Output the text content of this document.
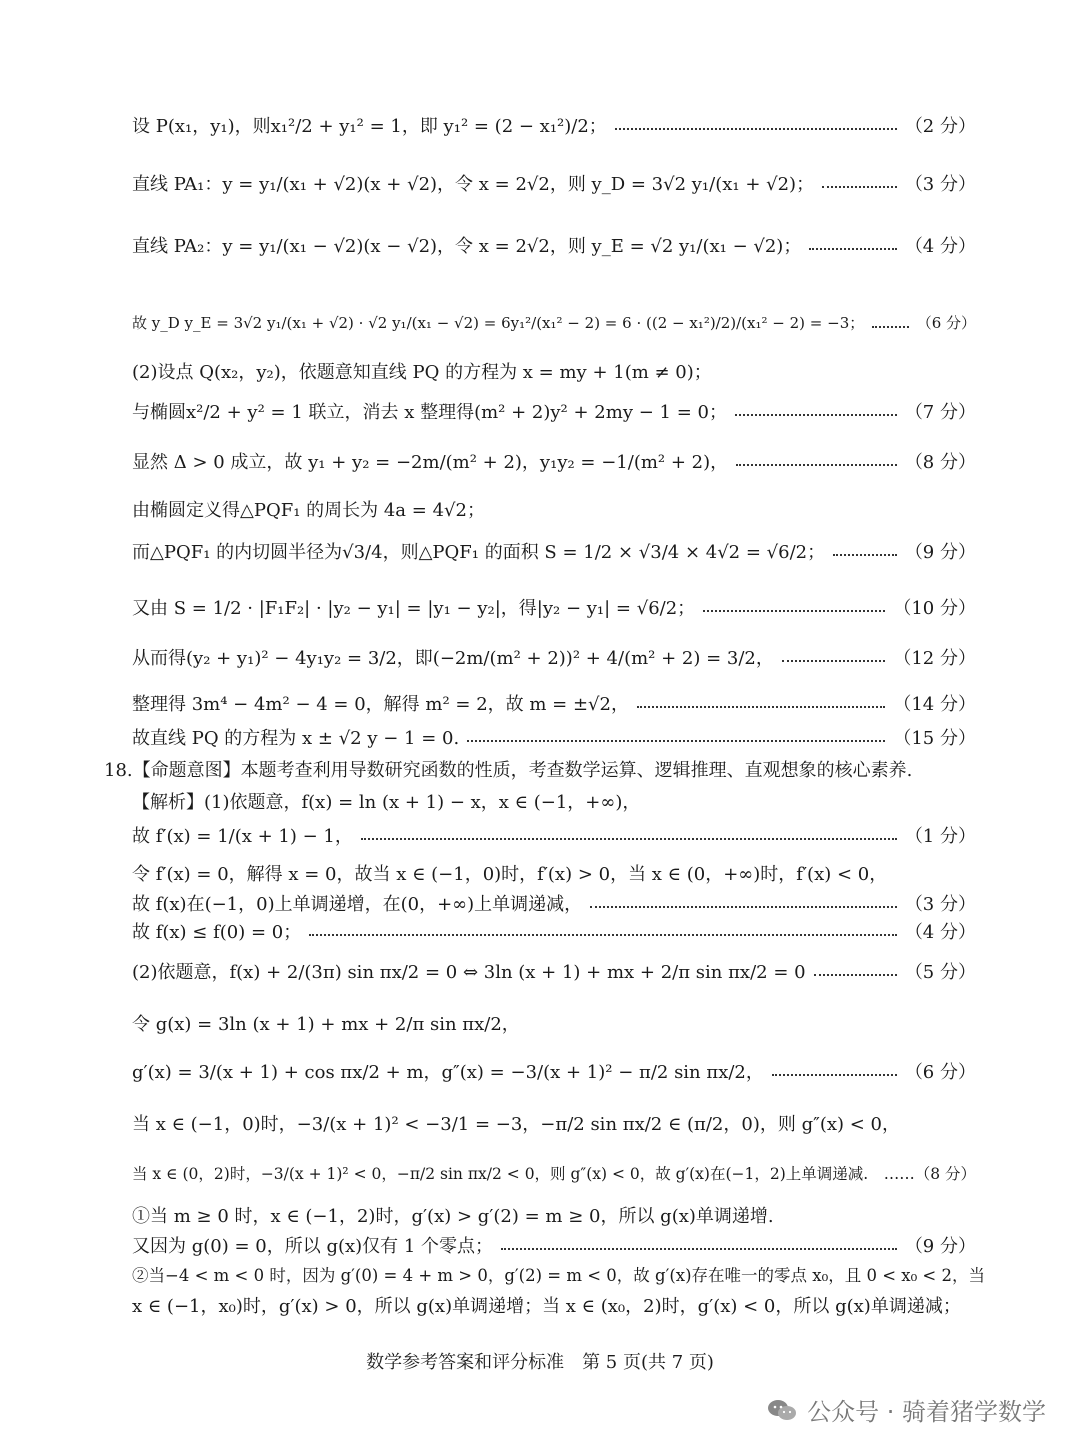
设 P(x₁，y₁)，则x₁²/2 + y₁² = 1，即 y₁² = (2 − x₁²)/2；	（2 分）
直线 PA₁：y = y₁/(x₁ + √2)(x + √2)，令 x = 2√2，则 y_D = 3√2 y₁/(x₁ + √2)；	（3 分）
直线 PA₂：y = y₁/(x₁ − √2)(x − √2)，令 x = 2√2，则 y_E = √2 y₁/(x₁ − √2)；	（4 分）
故 y_D y_E = 3√2 y₁/(x₁ + √2) · √2 y₁/(x₁ − √2) = 6y₁²/(x₁² − 2) = 6 · ((2 − x₁²)/2)/(x₁² − 2) = −3；	（6 分）
(2)设点 Q(x₂，y₂)，依题意知直线 PQ 的方程为 x = my + 1(m ≠ 0)；
与椭圆x²/2 + y² = 1 联立，消去 x 整理得(m² + 2)y² + 2my − 1 = 0；	（7 分）
显然 Δ > 0 成立，故 y₁ + y₂ = −2m/(m² + 2)，y₁y₂ = −1/(m² + 2)，	（8 分）
由椭圆定义得△PQF₁ 的周长为 4a = 4√2；
而△PQF₁ 的内切圆半径为√3/4，则△PQF₁ 的面积 S = 1/2 × √3/4 × 4√2 = √6/2；	（9 分）
又由 S = 1/2 · |F₁F₂| · |y₂ − y₁| = |y₁ − y₂|，得|y₂ − y₁| = √6/2；	（10 分）
从而得(y₂ + y₁)² − 4y₁y₂ = 3/2，即(−2m/(m² + 2))² + 4/(m² + 2) = 3/2，	（12 分）
整理得 3m⁴ − 4m² − 4 = 0，解得 m² = 2，故 m = ±√2，	（14 分）
故直线 PQ 的方程为 x ± √2 y − 1 = 0.	（15 分）
18.【命题意图】本题考查利用导数研究函数的性质，考查数学运算、逻辑推理、直观想象的核心素养.
【解析】(1)依题意，f(x) = ln (x + 1) − x，x ∈ (−1，+∞)，
故 f′(x) = 1/(x + 1) − 1，	（1 分）
令 f′(x) = 0，解得 x = 0，故当 x ∈ (−1，0)时，f′(x) > 0，当 x ∈ (0，+∞)时，f′(x) < 0，
故 f(x)在(−1，0)上单调递增，在(0，+∞)上单调递减，	（3 分）
故 f(x) ≤ f(0) = 0；	（4 分）
(2)依题意，f(x) + 2/(3π) sin πx/2 = 0 ⇔ 3ln (x + 1) + mx + 2/π sin πx/2 = 0	（5 分）
令 g(x) = 3ln (x + 1) + mx + 2/π sin πx/2，
g′(x) = 3/(x + 1) + cos πx/2 + m，g″(x) = −3/(x + 1)² − π/2 sin πx/2，	（6 分）
当 x ∈ (−1，0)时，−3/(x + 1)² < −3/1 = −3，−π/2 sin πx/2 ∈ (π/2，0)，则 g″(x) < 0，
当 x ∈ (0，2)时，−3/(x + 1)² < 0，−π/2 sin πx/2 < 0，则 g″(x) < 0，故 g′(x)在(−1，2)上单调递减. ……（8 分）
①当 m ≥ 0 时，x ∈ (−1，2)时，g′(x) > g′(2) = m ≥ 0，所以 g(x)单调递增.
又因为 g(0) = 0，所以 g(x)仅有 1 个零点；	（9 分）
②当−4 < m < 0 时，因为 g′(0) = 4 + m > 0，g′(2) = m < 0，故 g′(x)存在唯一的零点 x₀，且 0 < x₀ < 2，当
x ∈ (−1，x₀)时，g′(x) > 0，所以 g(x)单调递增；当 x ∈ (x₀，2)时，g′(x) < 0，所以 g(x)单调递减；
数学参考答案和评分标准　第 5 页(共 7 页)
公众号 · 骑着猪学数学
